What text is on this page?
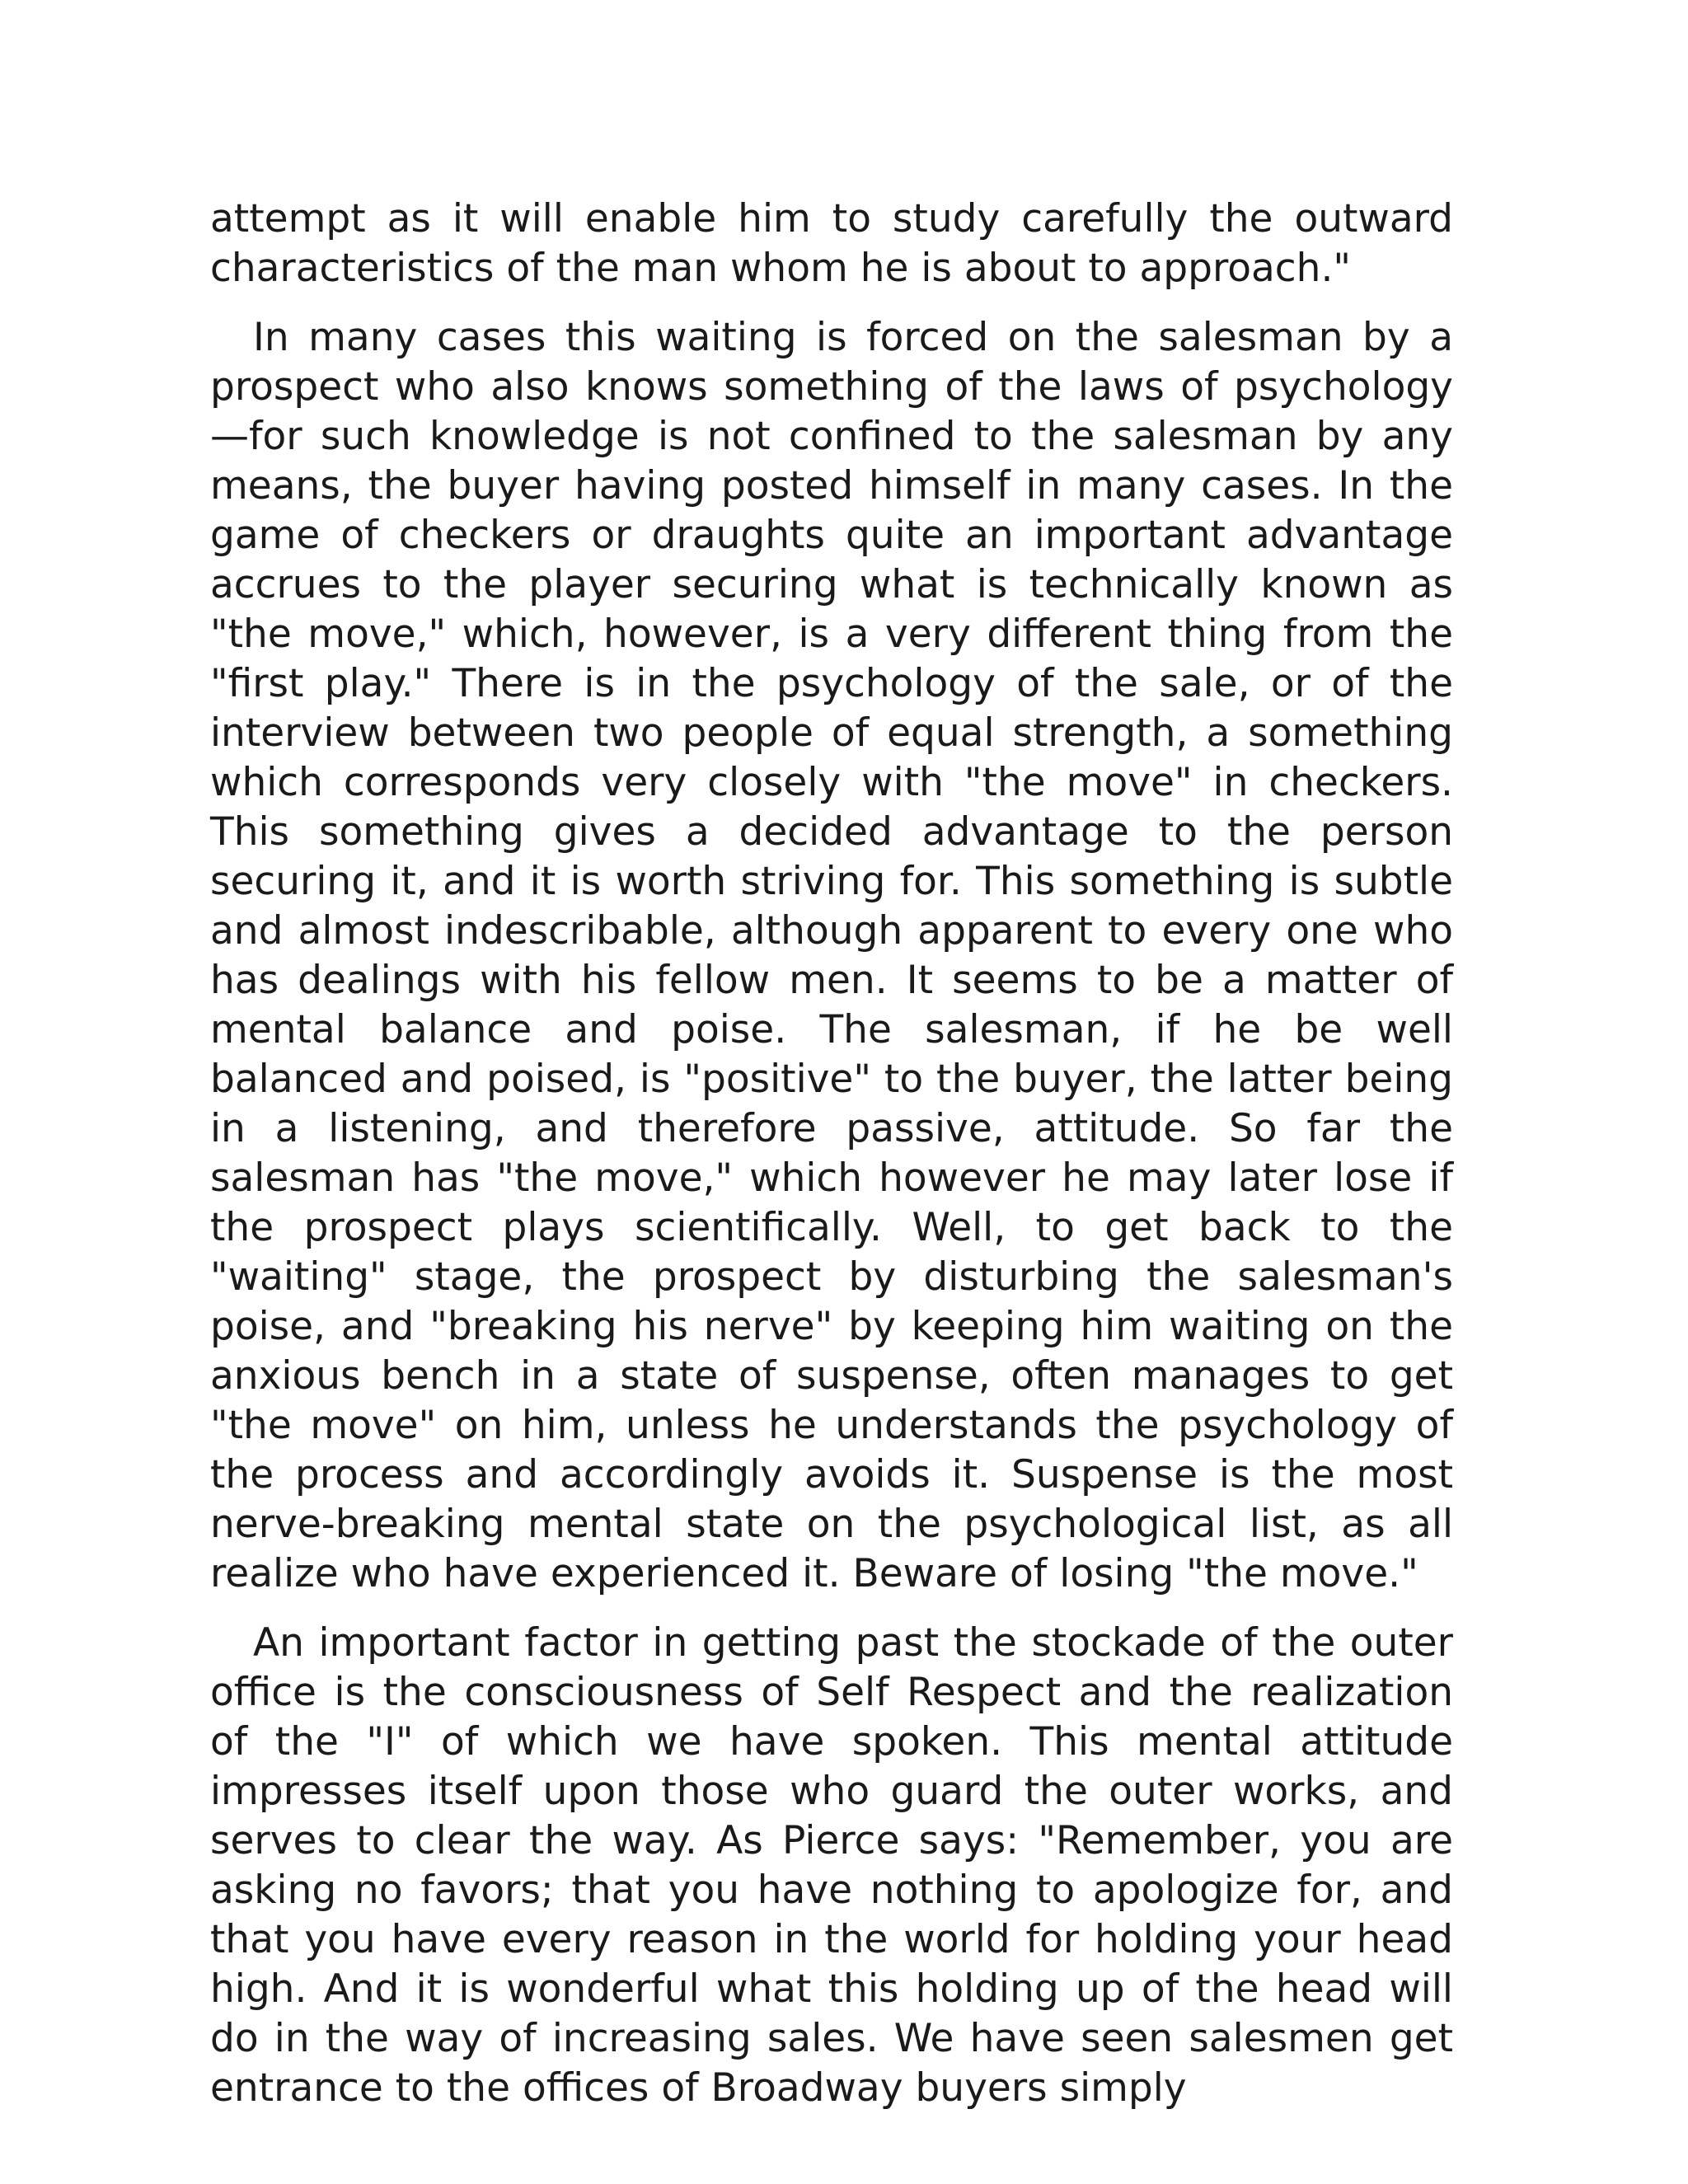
attempt as it will enable him to study carefully the outward characteristics of the man whom he is about to approach."

In many cases this waiting is forced on the salesman by a prospect who also knows something of the laws of psychology—for such knowledge is not confined to the salesman by any means, the buyer having posted himself in many cases. In the game of checkers or draughts quite an important advantage accrues to the player securing what is technically known as "the move," which, however, is a very different thing from the "first play." There is in the psychology of the sale, or of the interview between two people of equal strength, a something which corresponds very closely with "the move" in checkers. This something gives a decided advantage to the person securing it, and it is worth striving for. This something is subtle and almost indescribable, although apparent to every one who has dealings with his fellow men. It seems to be a matter of mental balance and poise. The salesman, if he be well balanced and poised, is "positive" to the buyer, the latter being in a listening, and therefore passive, attitude. So far the salesman has "the move," which however he may later lose if the prospect plays scientifically. Well, to get back to the "waiting" stage, the prospect by disturbing the salesman's poise, and "breaking his nerve" by keeping him waiting on the anxious bench in a state of suspense, often manages to get "the move" on him, unless he understands the psychology of the process and accordingly avoids it. Suspense is the most nerve-breaking mental state on the psychological list, as all realize who have experienced it. Beware of losing "the move."

An important factor in getting past the stockade of the outer office is the consciousness of Self Respect and the realization of the "I" of which we have spoken. This mental attitude impresses itself upon those who guard the outer works, and serves to clear the way. As Pierce says: "Remember, you are asking no favors; that you have nothing to apologize for, and that you have every reason in the world for holding your head high. And it is wonderful what this holding up of the head will do in the way of increasing sales. We have seen salesmen get entrance to the offices of Broadway buyers simply
